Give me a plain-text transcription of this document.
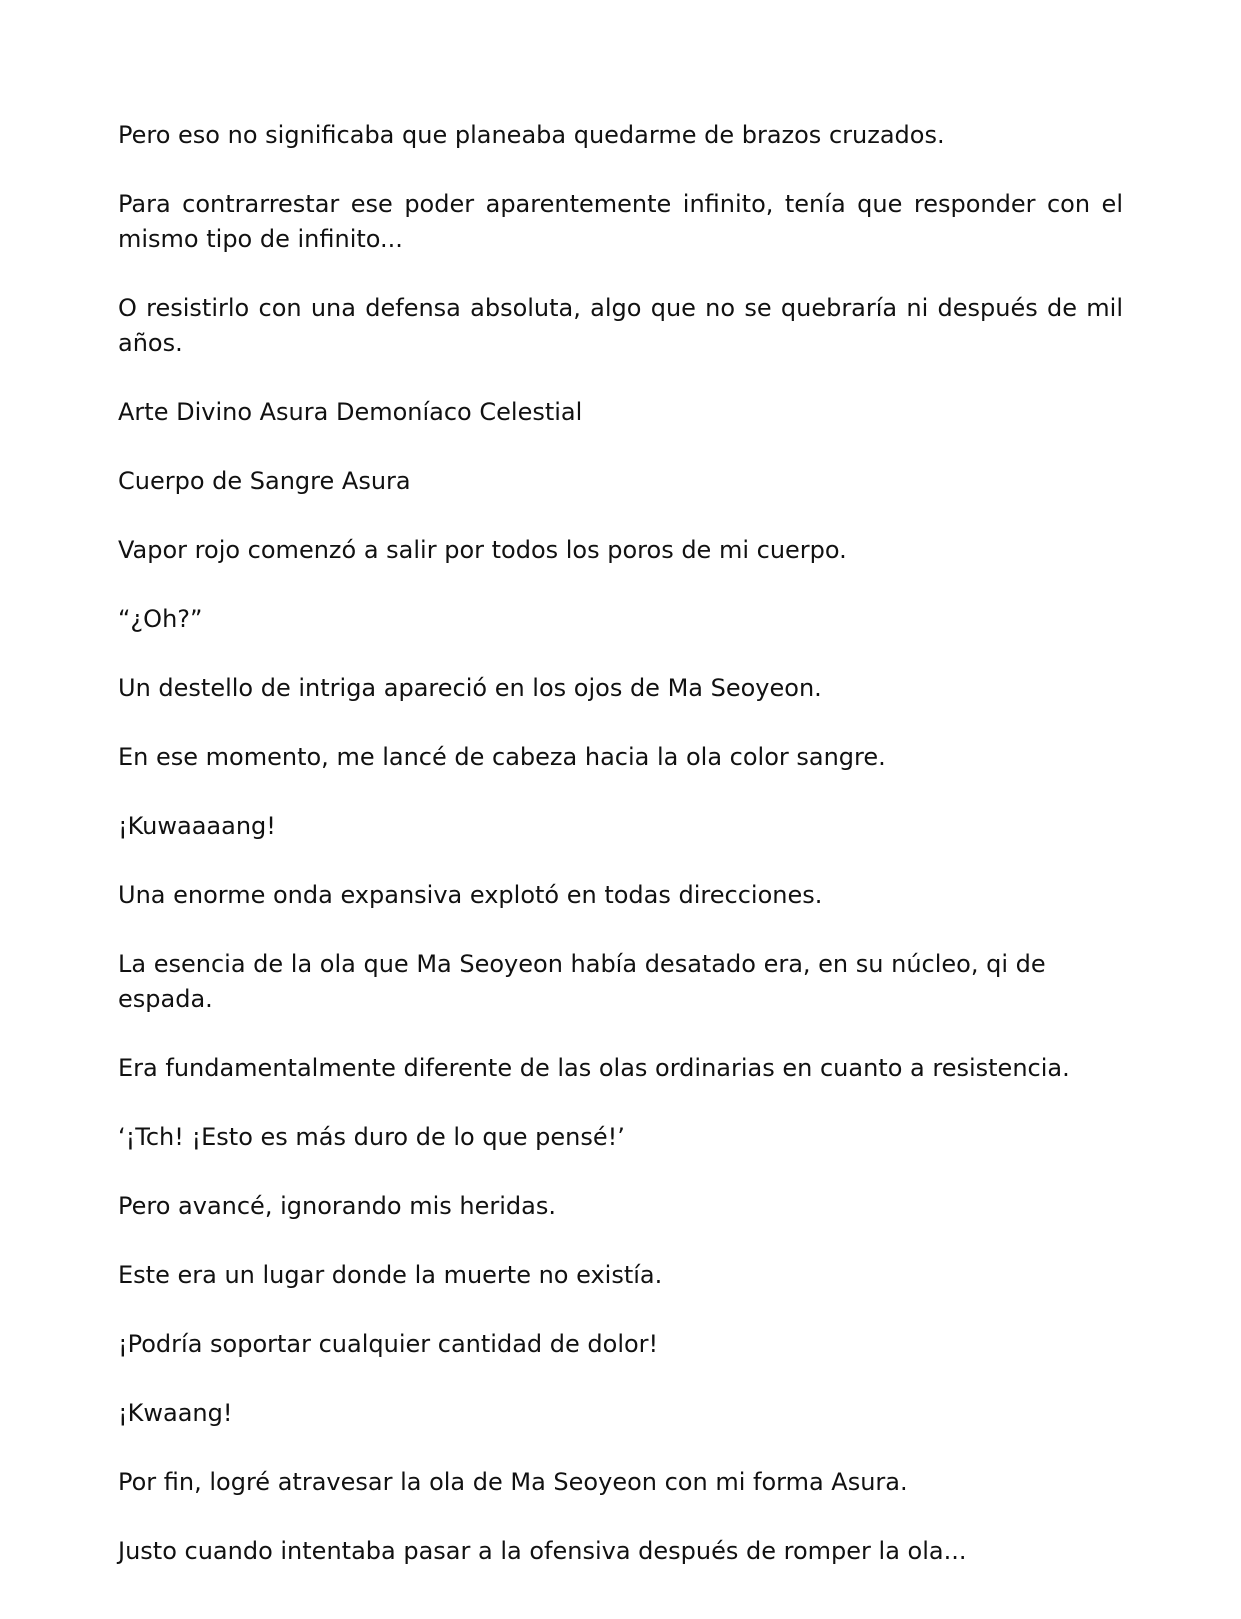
Pero eso no significaba que planeaba quedarme de brazos cruzados.

Para contrarrestar ese poder aparentemente infinito, tenía que responder con el mismo tipo de infinito...

O resistirlo con una defensa absoluta, algo que no se quebraría ni después de mil años.

Arte Divino Asura Demoníaco Celestial

Cuerpo de Sangre Asura

Vapor rojo comenzó a salir por todos los poros de mi cuerpo.

“¿Oh?”

Un destello de intriga apareció en los ojos de Ma Seoyeon.

En ese momento, me lancé de cabeza hacia la ola color sangre.

¡Kuwaaaang!

Una enorme onda expansiva explotó en todas direcciones.

La esencia de la ola que Ma Seoyeon había desatado era, en su núcleo, qi de espada.

Era fundamentalmente diferente de las olas ordinarias en cuanto a resistencia.

‘¡Tch! ¡Esto es más duro de lo que pensé!’

Pero avancé, ignorando mis heridas.

Este era un lugar donde la muerte no existía.

¡Podría soportar cualquier cantidad de dolor!

¡Kwaang!

Por fin, logré atravesar la ola de Ma Seoyeon con mi forma Asura.

Justo cuando intentaba pasar a la ofensiva después de romper la ola...
